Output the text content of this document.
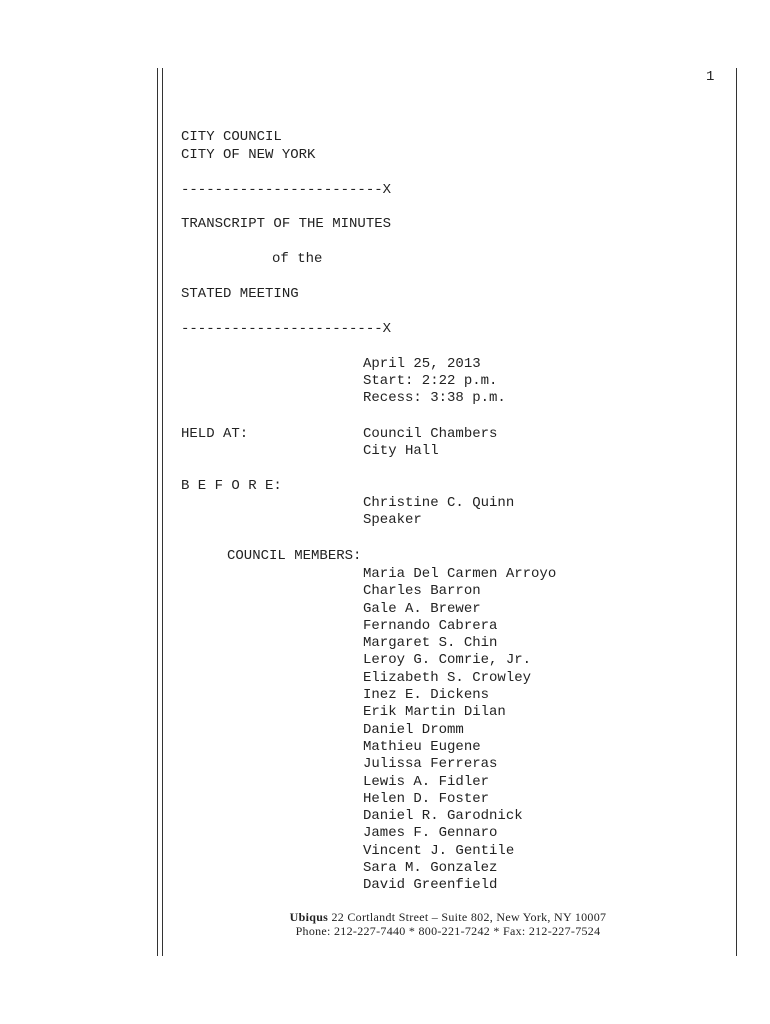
1
CITY COUNCIL
CITY OF NEW YORK
------------------------X
TRANSCRIPT OF THE MINUTES
of the
STATED MEETING
------------------------X
April 25, 2013
Start: 2:22 p.m.
Recess: 3:38 p.m.
HELD AT:	Council Chambers
City Hall
B E F O R E:
Christine C. Quinn
Speaker
COUNCIL MEMBERS:
Maria Del Carmen Arroyo
Charles Barron
Gale A. Brewer
Fernando Cabrera
Margaret S. Chin
Leroy G. Comrie, Jr.
Elizabeth S. Crowley
Inez E. Dickens
Erik Martin Dilan
Daniel Dromm
Mathieu Eugene
Julissa Ferreras
Lewis A. Fidler
Helen D. Foster
Daniel R. Garodnick
James F. Gennaro
Vincent J. Gentile
Sara M. Gonzalez
David Greenfield
Ubiqus 22 Cortlandt Street – Suite 802, New York, NY 10007
Phone: 212-227-7440 * 800-221-7242 * Fax: 212-227-7524
